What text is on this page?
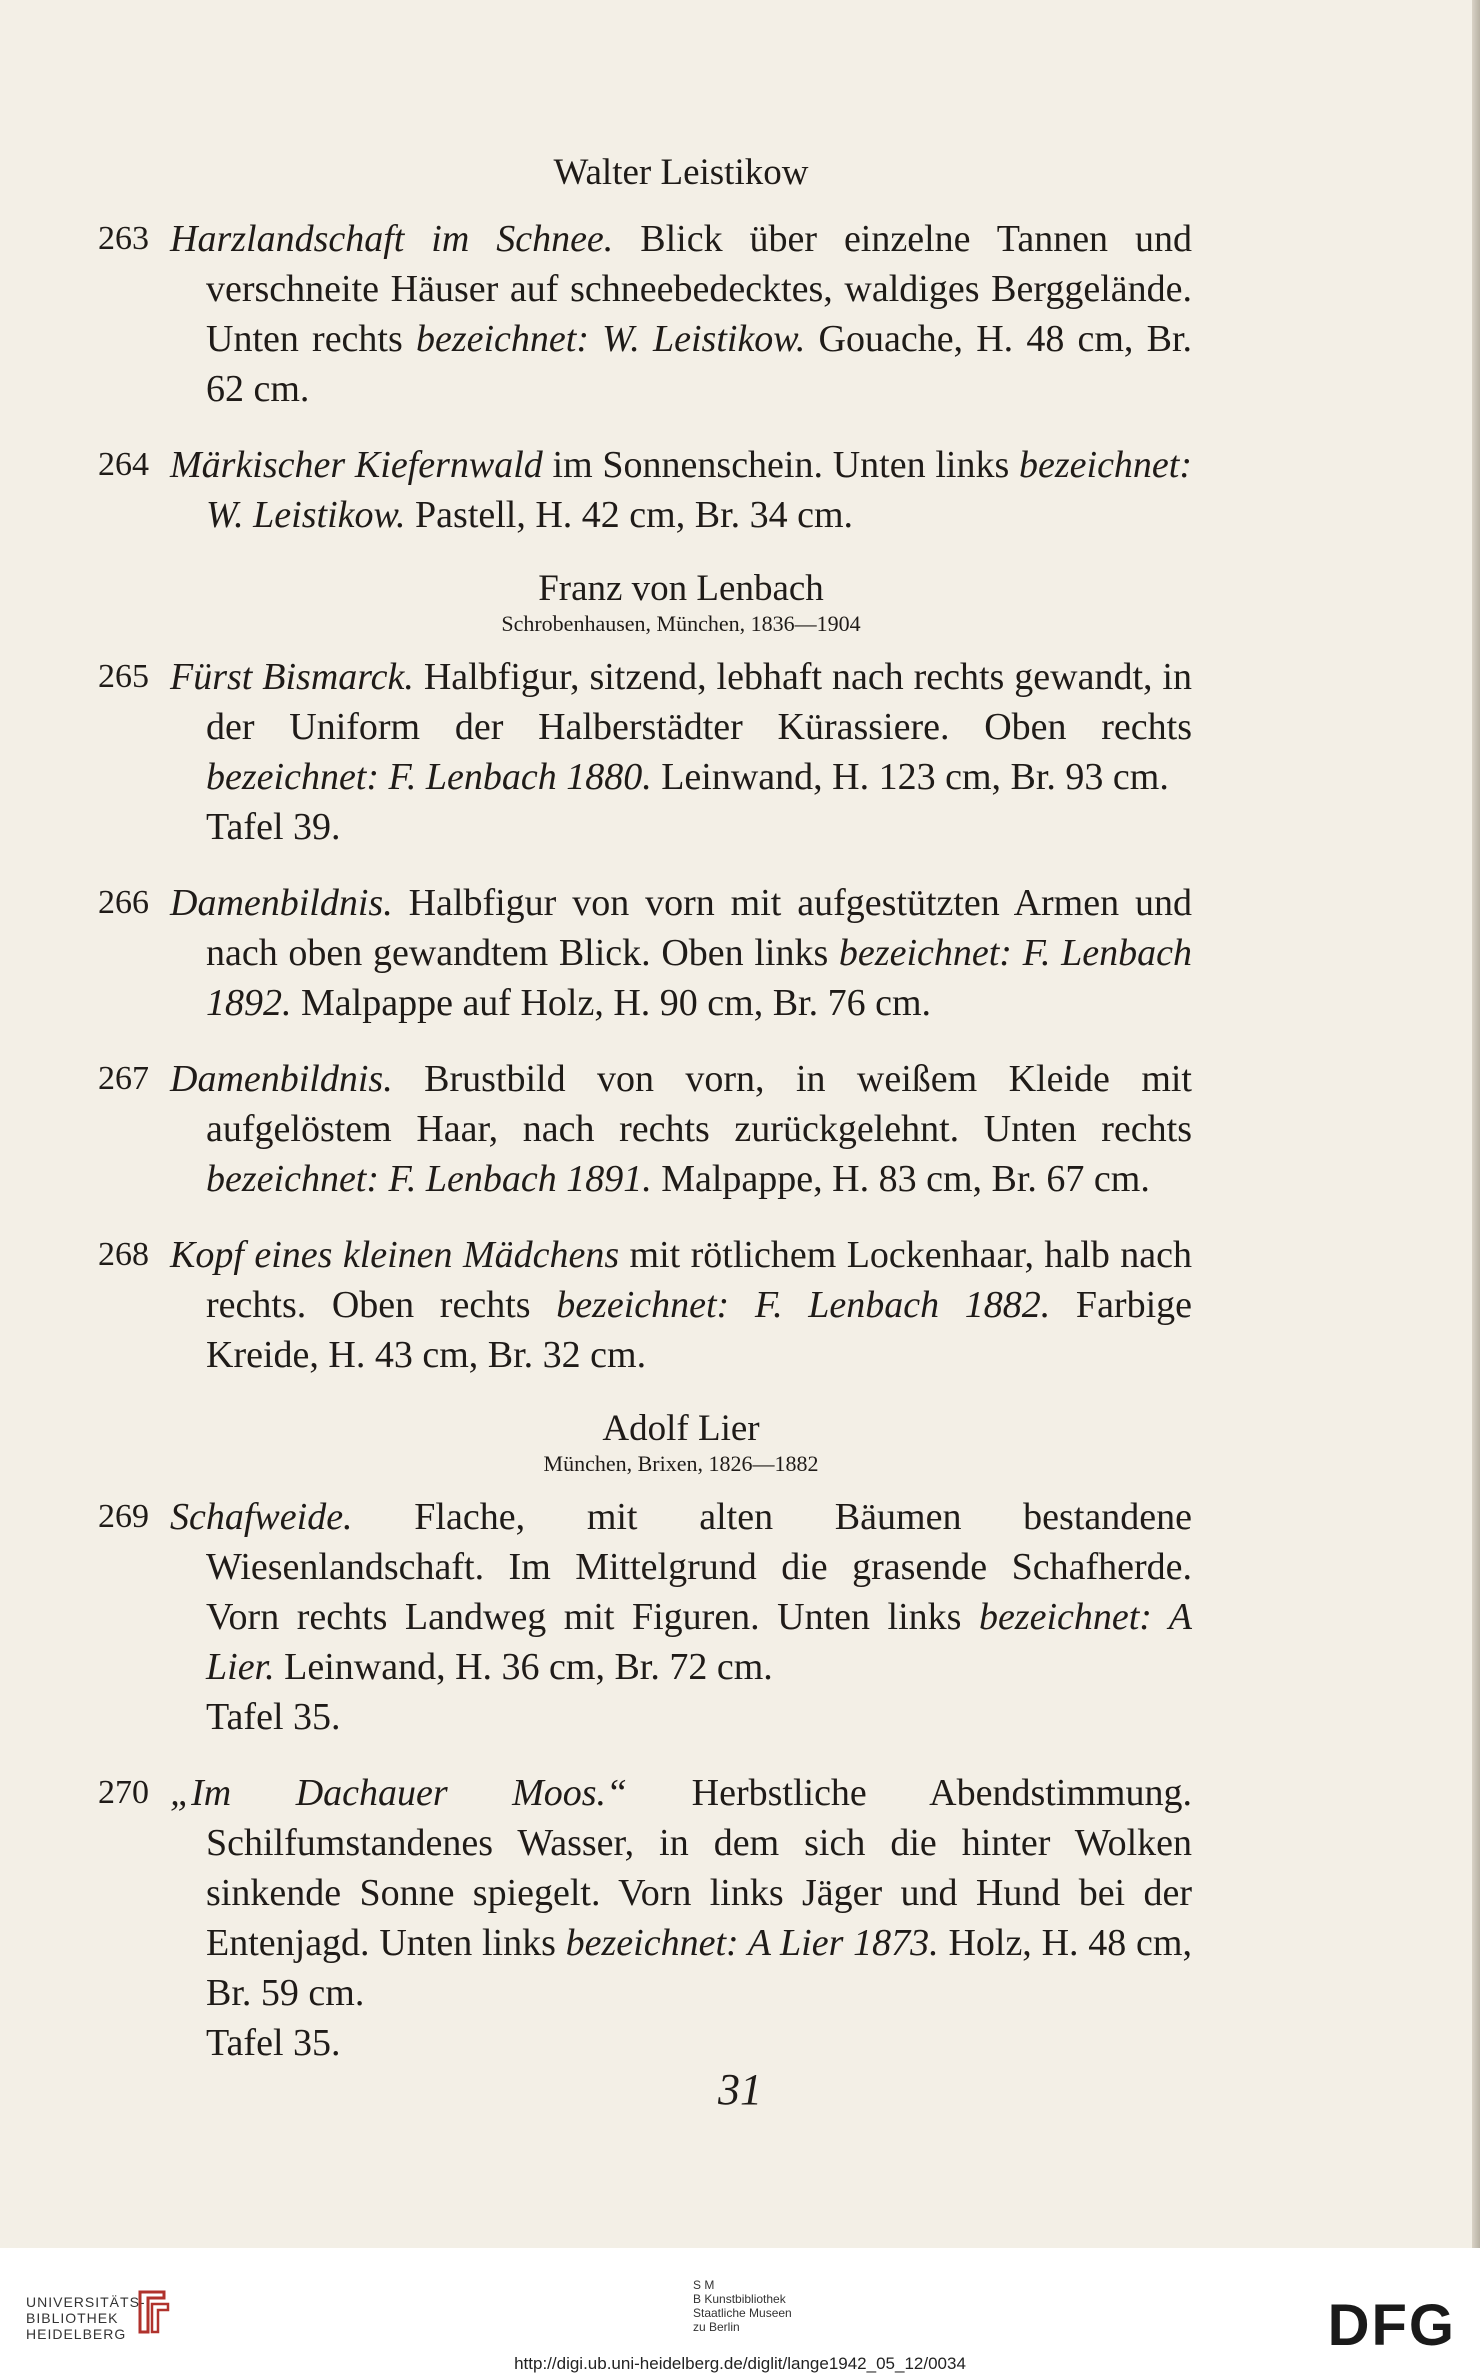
Walter Leistikow
263 Harzlandschaft im Schnee. Blick über einzelne Tannen und verschneite Häuser auf schneebedecktes, waldiges Berggelände. Unten rechts bezeichnet: W. Leistikow. Gouache, H. 48 cm, Br. 62 cm.
264 Märkischer Kiefernwald im Sonnenschein. Unten links bezeichnet: W. Leistikow. Pastell, H. 42 cm, Br. 34 cm.
Franz von Lenbach
Schrobenhausen, München, 1836—1904
265 Fürst Bismarck. Halbfigur, sitzend, lebhaft nach rechts gewandt, in der Uniform der Halberstädter Kürassiere. Oben rechts bezeichnet: F. Lenbach 1880. Leinwand, H. 123 cm, Br. 93 cm.
Tafel 39.
266 Damenbildnis. Halbfigur von vorn mit aufgestützten Armen und nach oben gewandtem Blick. Oben links bezeichnet: F. Lenbach 1892. Malpappe auf Holz, H. 90 cm, Br. 76 cm.
267 Damenbildnis. Brustbild von vorn, in weißem Kleide mit aufgelöstem Haar, nach rechts zurückgelehnt. Unten rechts bezeichnet: F. Lenbach 1891. Malpappe, H. 83 cm, Br. 67 cm.
268 Kopf eines kleinen Mädchens mit rötlichem Lockenhaar, halb nach rechts. Oben rechts bezeichnet: F. Lenbach 1882. Farbige Kreide, H. 43 cm, Br. 32 cm.
Adolf Lier
München, Brixen, 1826—1882
269 Schafweide. Flache, mit alten Bäumen bestandene Wiesenlandschaft. Im Mittelgrund die grasende Schafherde. Vorn rechts Landweg mit Figuren. Unten links bezeichnet: A Lier. Leinwand, H. 36 cm, Br. 72 cm.
Tafel 35.
270 „Im Dachauer Moos.“ Herbstliche Abendstimmung. Schilfumstandenes Wasser, in dem sich die hinter Wolken sinkende Sonne spiegelt. Vorn links Jäger und Hund bei der Entenjagd. Unten links bezeichnet: A Lier 1873. Holz, H. 48 cm, Br. 59 cm.
Tafel 35.
31
UNIVERSITÄTS-
BIBLIOTHEK
HEIDELBERG
S M
B Kunstbibliothek
Staatliche Museen
zu Berlin	DFG
http://digi.ub.uni-heidelberg.de/diglit/lange1942_05_12/0034
